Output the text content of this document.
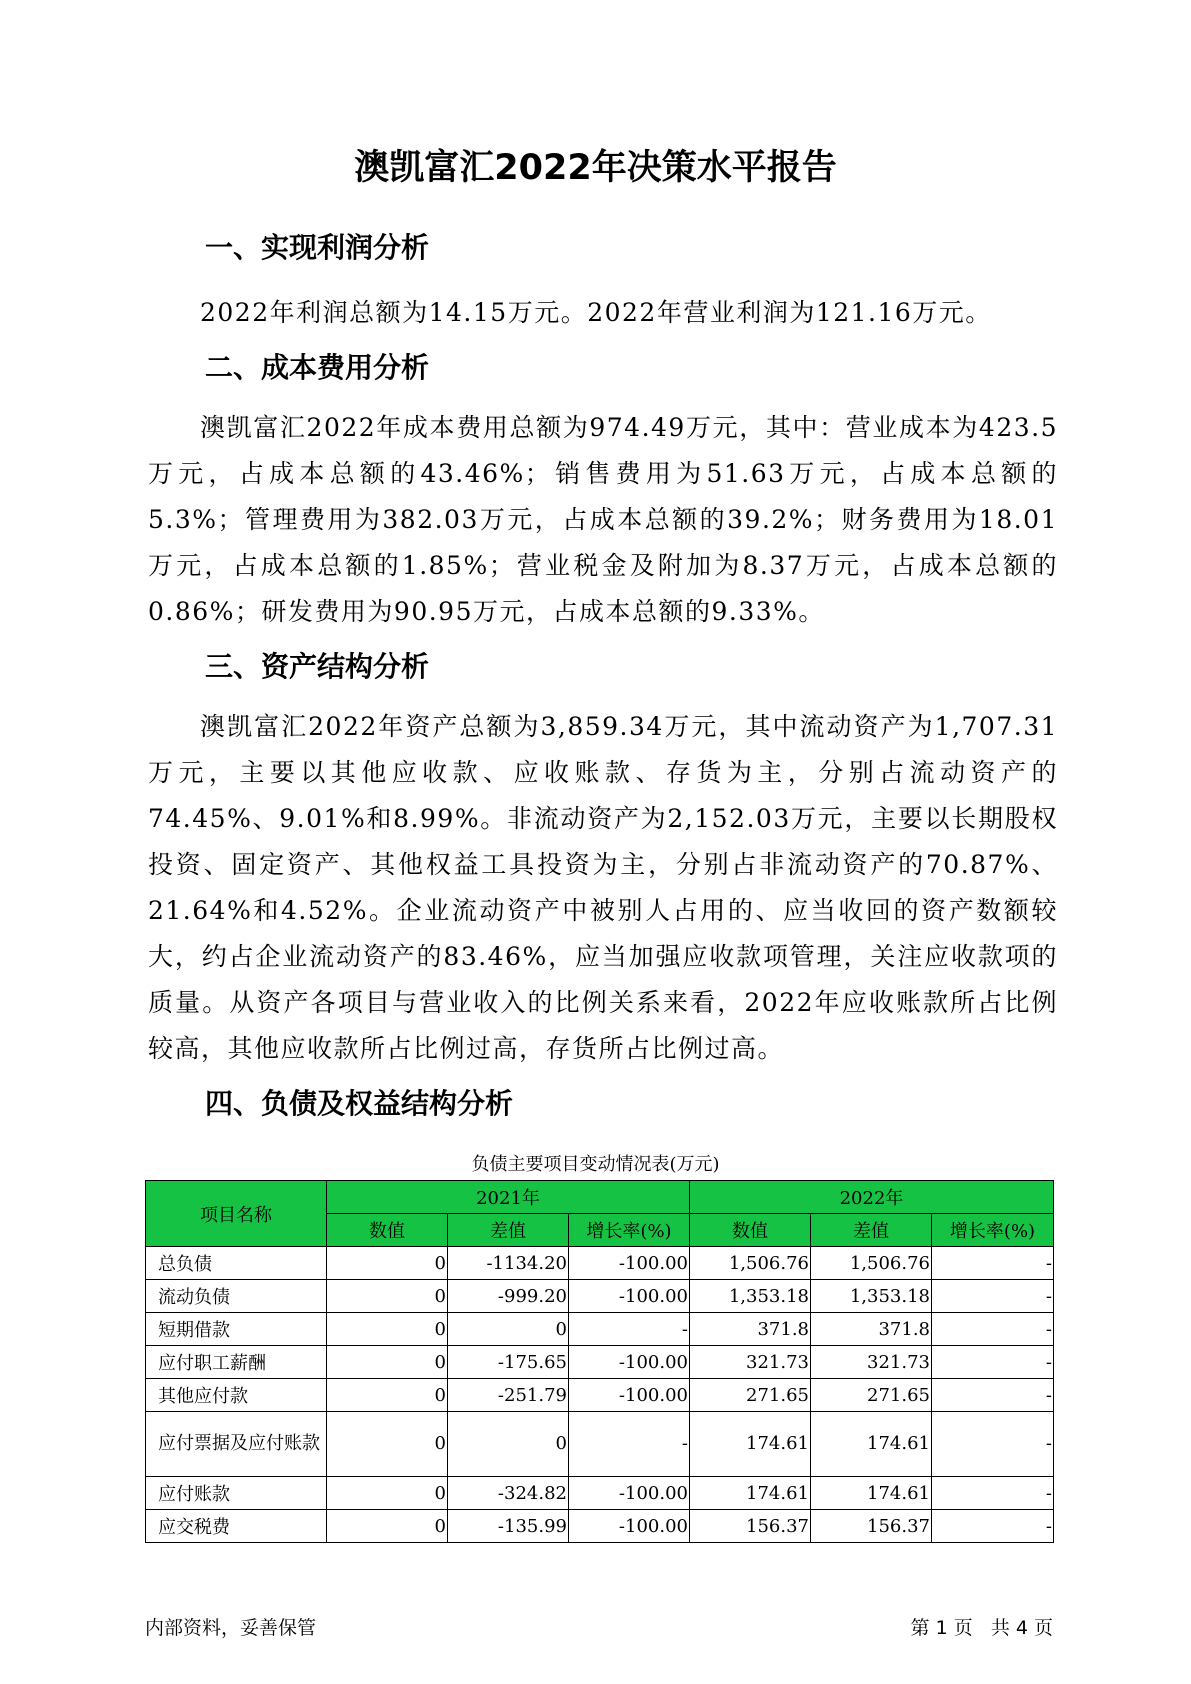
澳凯富汇2022年决策水平报告
一、实现利润分析

2022年利润总额为14.15万元。2022年营业利润为121.16万元。

二、成本费用分析

澳凯富汇2022年成本费用总额为974.49万元，其中：营业成本为423.5万元，占成本总额的43.46%；销售费用为51.63万元，占成本总额的5.3%；管理费用为382.03万元，占成本总额的39.2%；财务费用为18.01万元，占成本总额的1.85%；营业税金及附加为8.37万元，占成本总额的0.86%；研发费用为90.95万元，占成本总额的9.33%。

三、资产结构分析

澳凯富汇2022年资产总额为3,859.34万元，其中流动资产为1,707.31万元，主要以其他应收款、应收账款、存货为主，分别占流动资产的74.45%、9.01%和8.99%。非流动资产为2,152.03万元，主要以长期股权投资、固定资产、其他权益工具投资为主，分别占非流动资产的70.87%、21.64%和4.52%。企业流动资产中被别人占用的、应当收回的资产数额较大，约占企业流动资产的83.46%，应当加强应收款项管理，关注应收款项的质量。从资产各项目与营业收入的比例关系来看，2022年应收账款所占比例较高，其他应收款所占比例过高，存货所占比例过高。

四、负债及权益结构分析
负债主要项目变动情况表(万元)
项目名称	2021年			2022年		
	数值	差值	增长率(%)	数值	差值	增长率(%)
总负债	0	-1134.20	-100.00	1,506.76	1,506.76	-
流动负债	0	-999.20	-100.00	1,353.18	1,353.18	-
短期借款	0	0	-	371.8	371.8	-
应付职工薪酬	0	-175.65	-100.00	321.73	321.73	-
其他应付款	0	-251.79	-100.00	271.65	271.65	-
应付票据及应付账款	0	0	-	174.61	174.61	-
应付账款	0	-324.82	-100.00	174.61	174.61	-
应交税费	0	-135.99	-100.00	156.37	156.37	-
内部资料，妥善保管	第 1 页   共 4 页
